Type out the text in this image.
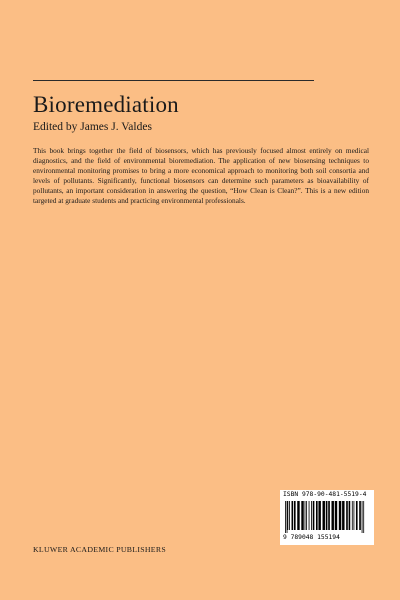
Bioremediation

Edited by James J. Valdes

This book brings together the field of biosensors, which has previously focused almost entirely on medical diagnostics, and the field of environmental bioremediation. The application of new biosensing techniques to environmental monitoring promises to bring a more economical approach to monitoring both soil consortia and levels of pollutants. Significantly, functional biosensors can determine such parameters as bioavailability of pollutants, an important consideration in answering the question, “How Clean is Clean?”. This is a new edition targeted at graduate students and practicing environmental professionals.

ISBN 978-90-481-5519-4
9 789048 155194

KLUWER ACADEMIC PUBLISHERS
